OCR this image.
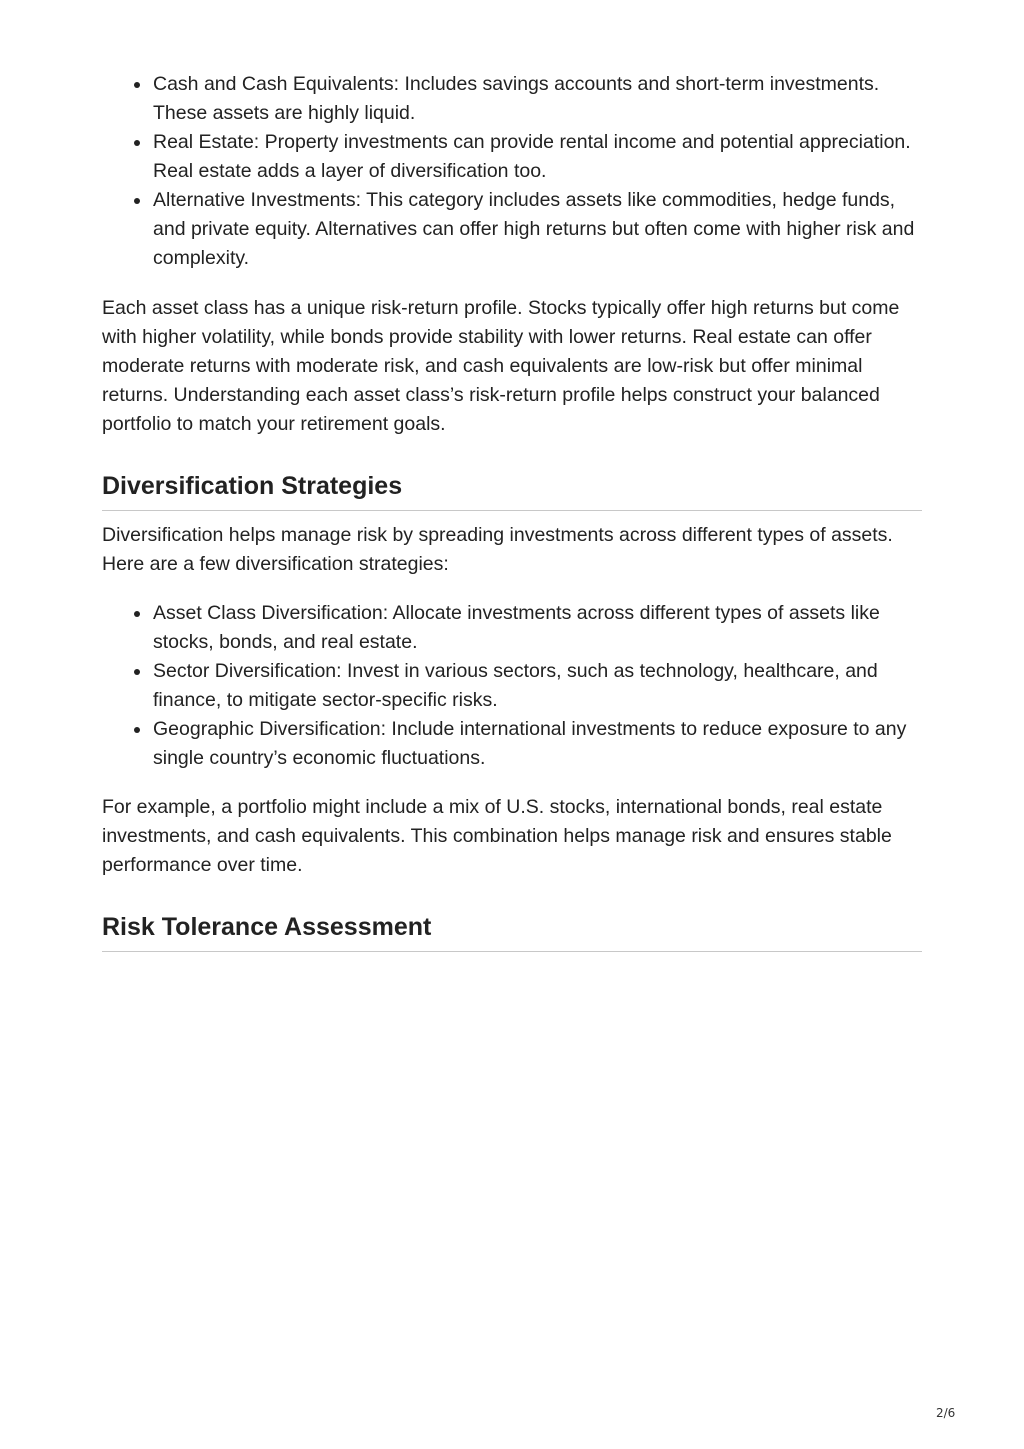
Cash and Cash Equivalents: Includes savings accounts and short-term investments. These assets are highly liquid.
Real Estate: Property investments can provide rental income and potential appreciation. Real estate adds a layer of diversification too.
Alternative Investments: This category includes assets like commodities, hedge funds, and private equity. Alternatives can offer high returns but often come with higher risk and complexity.

Each asset class has a unique risk-return profile. Stocks typically offer high returns but come with higher volatility, while bonds provide stability with lower returns. Real estate can offer moderate returns with moderate risk, and cash equivalents are low-risk but offer minimal returns. Understanding each asset class’s risk-return profile helps construct your balanced portfolio to match your retirement goals.

Diversification Strategies

Diversification helps manage risk by spreading investments across different types of assets. Here are a few diversification strategies:

Asset Class Diversification: Allocate investments across different types of assets like stocks, bonds, and real estate.
Sector Diversification: Invest in various sectors, such as technology, healthcare, and finance, to mitigate sector-specific risks.
Geographic Diversification: Include international investments to reduce exposure to any single country’s economic fluctuations.

For example, a portfolio might include a mix of U.S. stocks, international bonds, real estate investments, and cash equivalents. This combination helps manage risk and ensures stable performance over time.

Risk Tolerance Assessment
2/6
